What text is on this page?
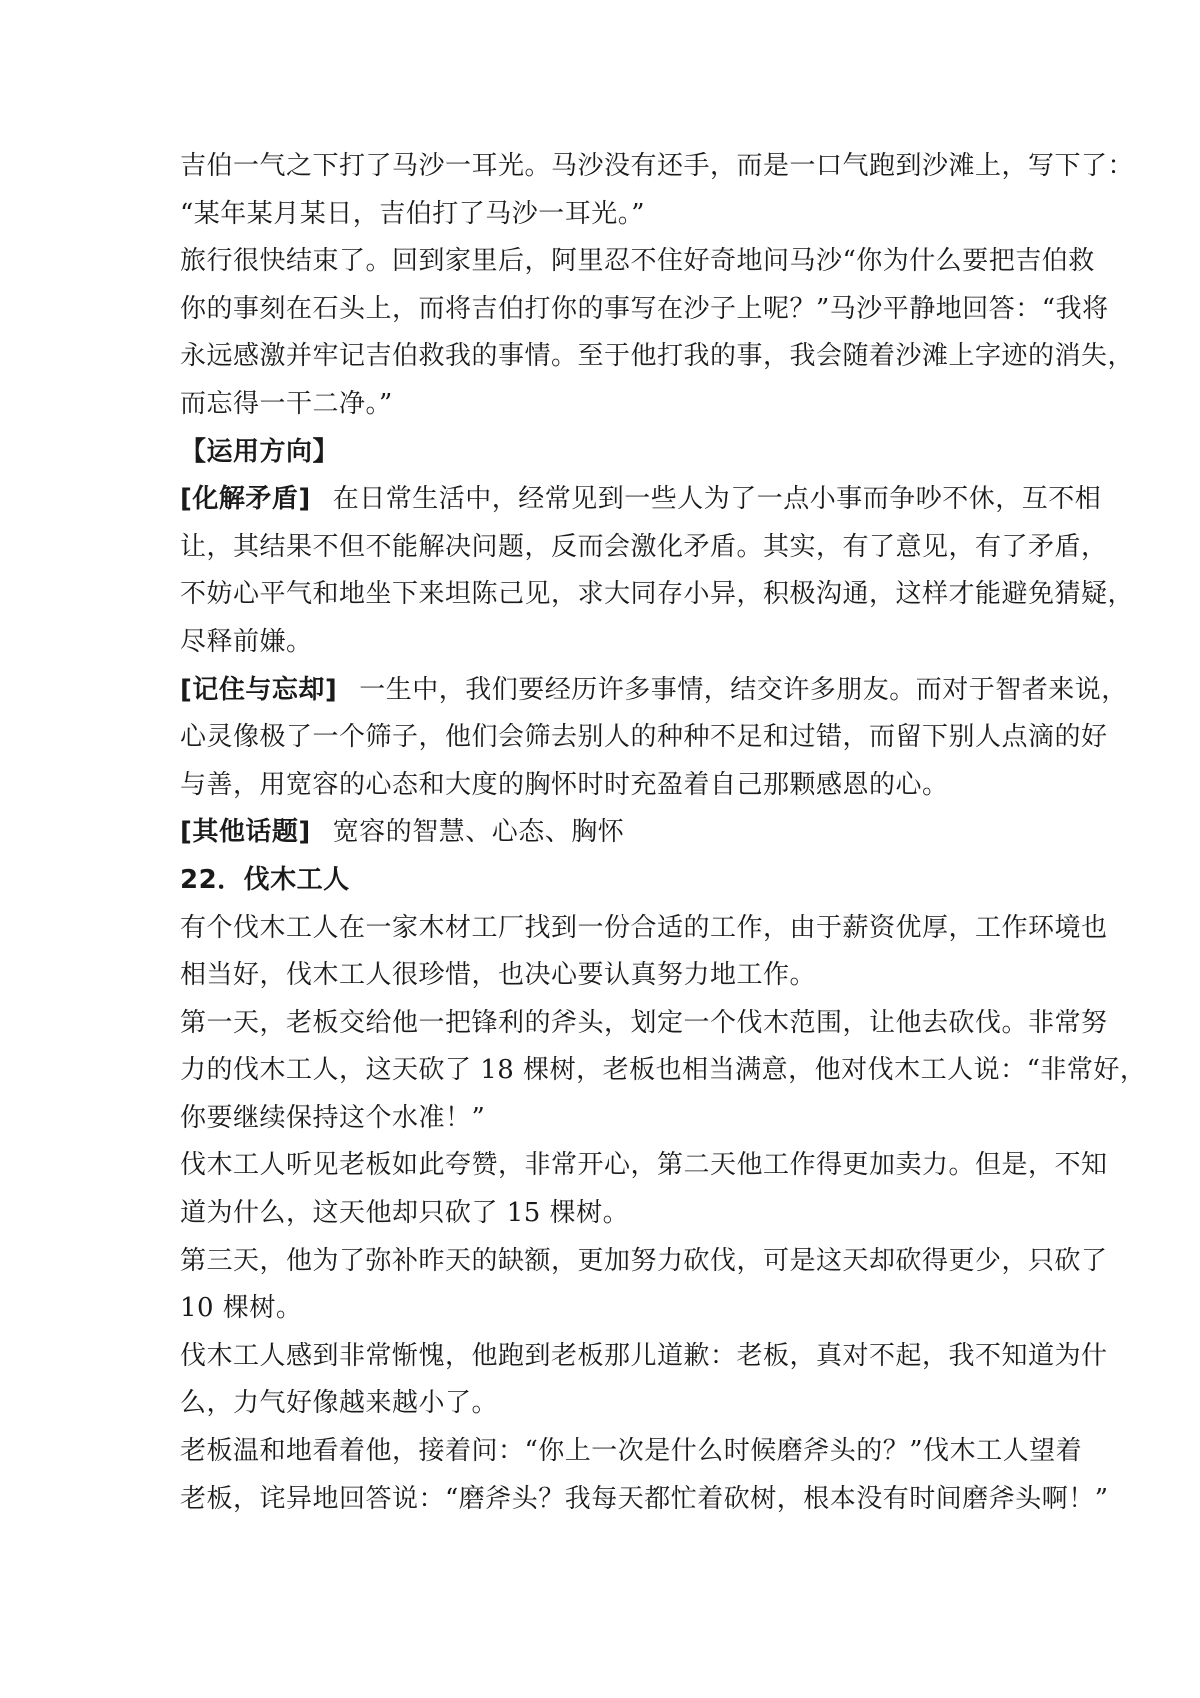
吉伯一气之下打了马沙一耳光。马沙没有还手，而是一口气跑到沙滩上，写下了：

“某年某月某日，吉伯打了马沙一耳光。”

旅行很快结束了。回到家里后，阿里忍不住好奇地问马沙“你为什么要把吉伯救

你的事刻在石头上，而将吉伯打你的事写在沙子上呢？”马沙平静地回答：“我将

永远感激并牢记吉伯救我的事情。至于他打我的事，我会随着沙滩上字迹的消失，

而忘得一干二净。”

【运用方向】

[化解矛盾] 在日常生活中，经常见到一些人为了一点小事而争吵不休，互不相

让，其结果不但不能解决问题，反而会激化矛盾。其实，有了意见，有了矛盾，

不妨心平气和地坐下来坦陈己见，求大同存小异，积极沟通，这样才能避免猜疑，

尽释前嫌。

[记住与忘却] 一生中，我们要经历许多事情，结交许多朋友。而对于智者来说，

心灵像极了一个筛子，他们会筛去别人的种种不足和过错，而留下别人点滴的好

与善，用宽容的心态和大度的胸怀时时充盈着自己那颗感恩的心。

[其他话题] 宽容的智慧、心态、胸怀

22．伐木工人

有个伐木工人在一家木材工厂找到一份合适的工作，由于薪资优厚，工作环境也

相当好，伐木工人很珍惜，也决心要认真努力地工作。

第一天，老板交给他一把锋利的斧头，划定一个伐木范围，让他去砍伐。非常努

力的伐木工人，这天砍了 18 棵树，老板也相当满意，他对伐木工人说：“非常好，

你要继续保持这个水准！”

伐木工人听见老板如此夸赞，非常开心，第二天他工作得更加卖力。但是，不知

道为什么，这天他却只砍了 15 棵树。

第三天，他为了弥补昨天的缺额，更加努力砍伐，可是这天却砍得更少，只砍了

10 棵树。

伐木工人感到非常惭愧，他跑到老板那儿道歉：老板，真对不起，我不知道为什

么，力气好像越来越小了。

老板温和地看着他，接着问：“你上一次是什么时候磨斧头的？”伐木工人望着

老板，诧异地回答说：“磨斧头？我每天都忙着砍树，根本没有时间磨斧头啊！”
